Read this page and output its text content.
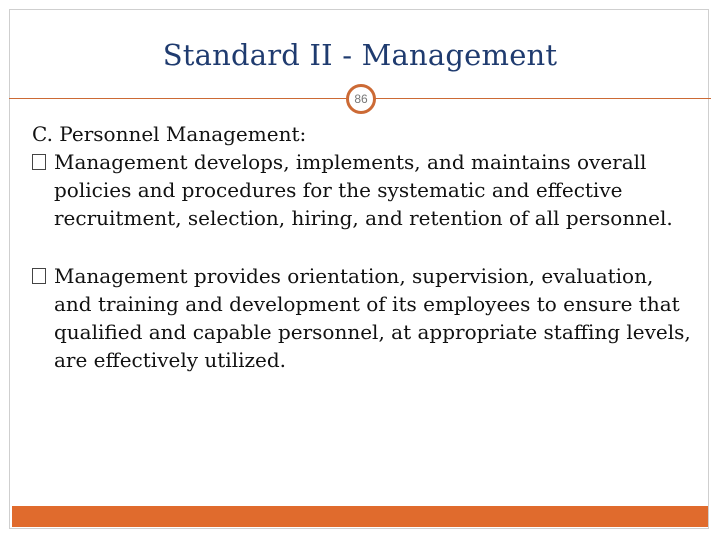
Standard II - Management
86

C. Personnel Management:

Management develops, implements, and maintains overall policies and procedures for the systematic and effective recruitment, selection, hiring, and retention of all personnel.
Management provides orientation, supervision, evaluation, and training and development of its employees to ensure that qualified and capable personnel, at appropriate staffing levels, are effectively utilized.
